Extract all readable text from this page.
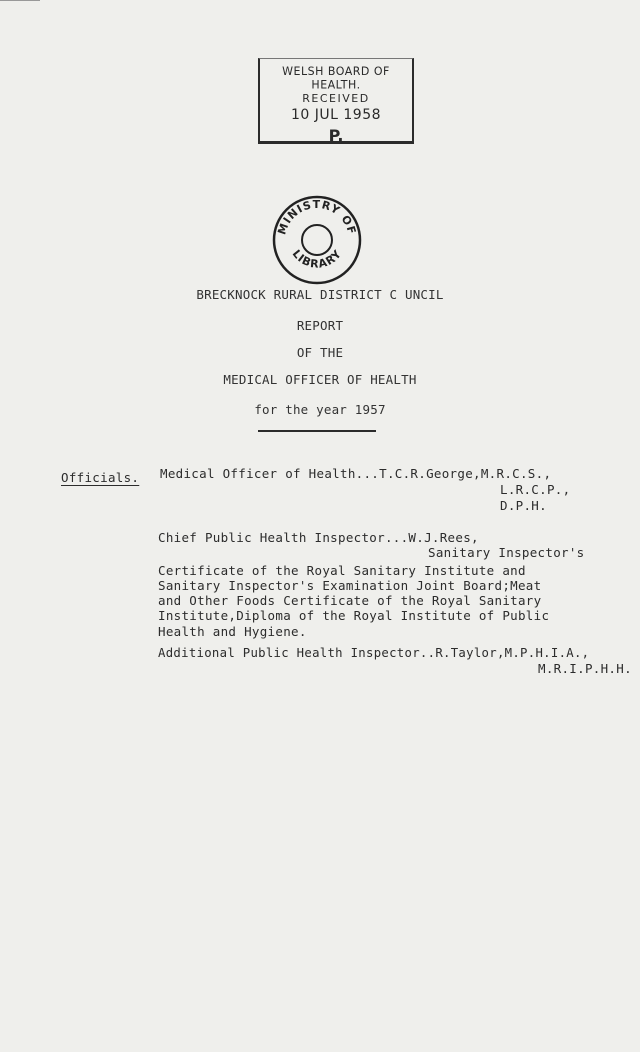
WELSH BOARD OF HEALTH.
RECEIVED
10 JUL 1958
P.
MINISTRY OF
LIBRARY
BRECKNOCK RURAL DISTRICT C UNCIL
REPORT
OF THE
MEDICAL OFFICER OF HEALTH
for the year 1957
Officials. Medical Officer of Health...T.C.R.George,M.R.C.S.,
L.R.C.P.,
D.P.H.
Chief Public Health Inspector...W.J.Rees,
Sanitary Inspector's
Certificate of the Royal Sanitary Institute and
Sanitary Inspector's Examination Joint Board;Meat
and Other Foods Certificate of the Royal Sanitary
Institute,Diploma of the Royal Institute of Public
Health and Hygiene.
Additional Public Health Inspector..R.Taylor,M.P.H.I.A.,
M.R.I.P.H.H.
